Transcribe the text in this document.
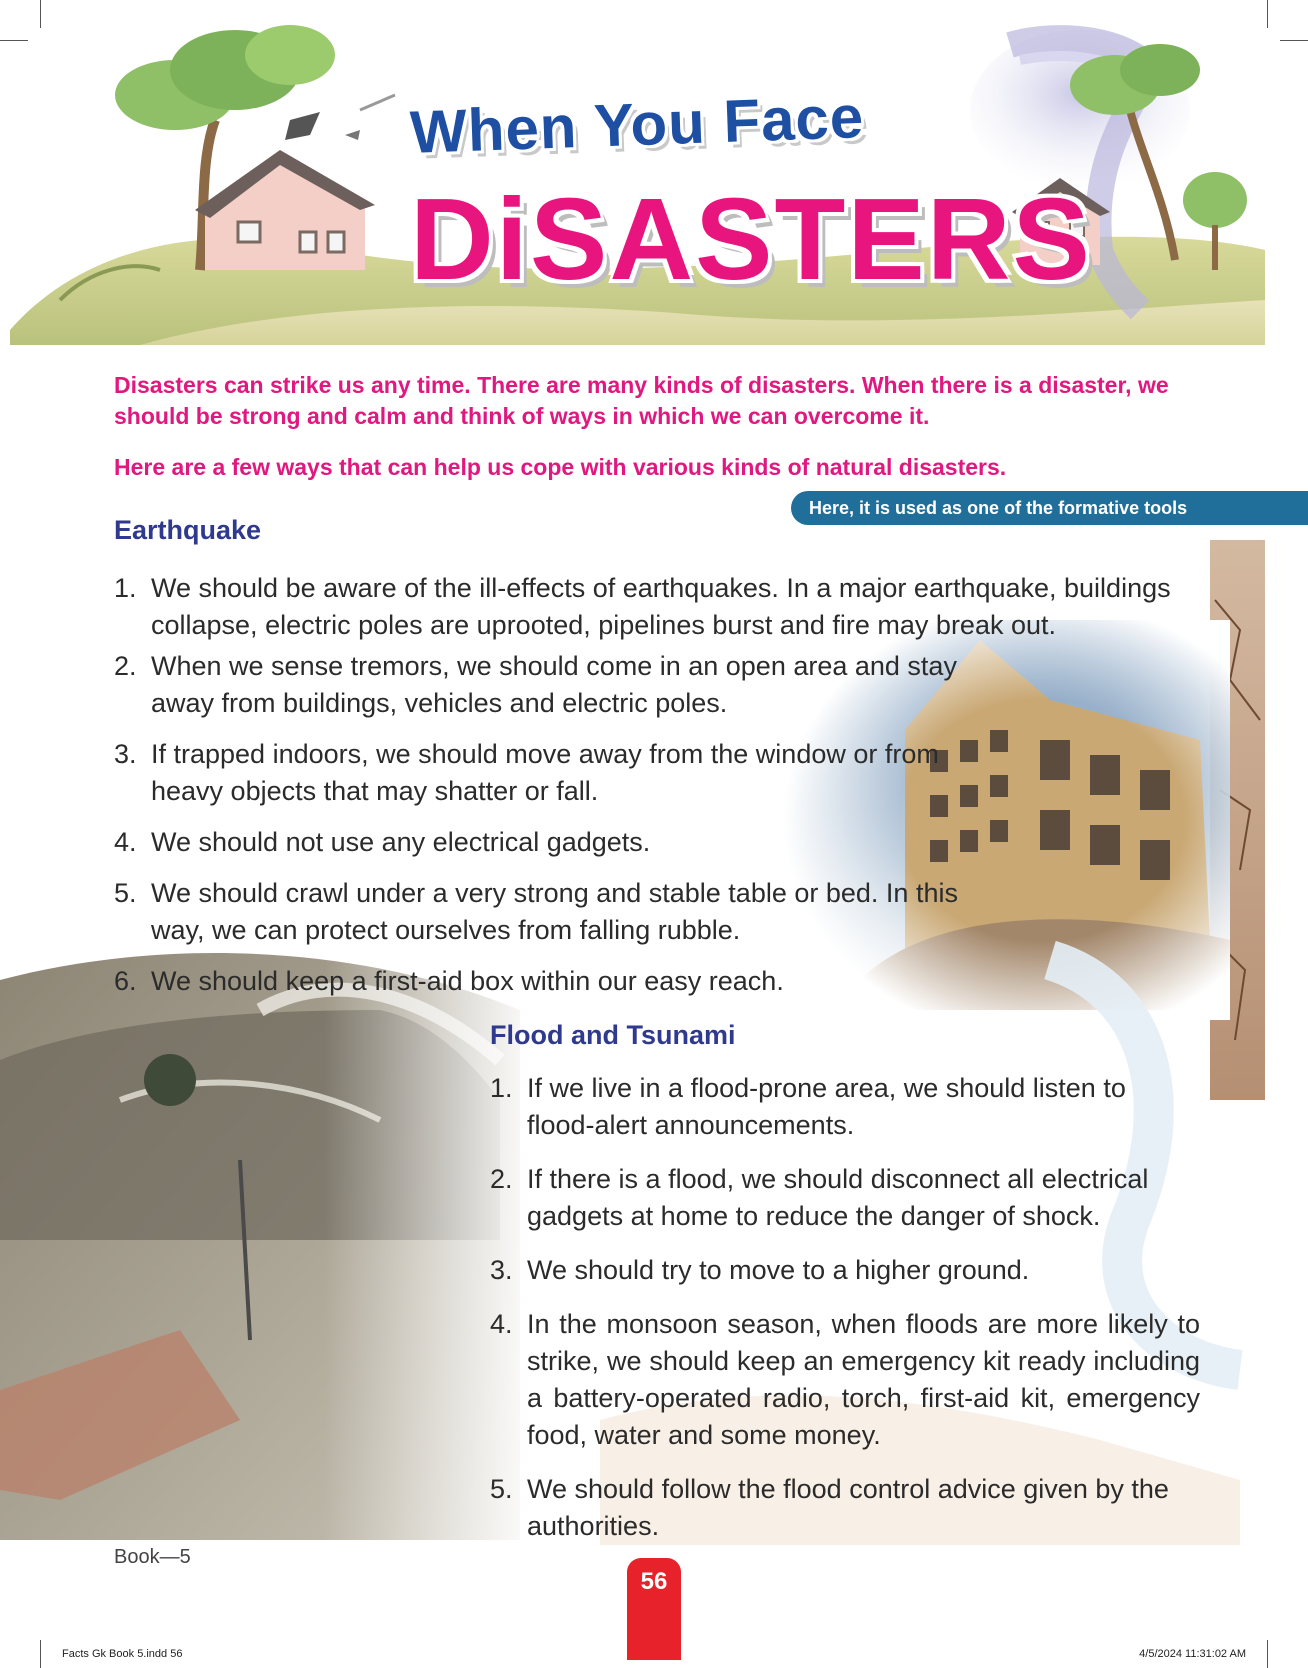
When You Face
DiSASTERS
Disasters can strike us any time. There are many kinds of disasters. When there is a disaster, we should be strong and calm and think of ways in which we can overcome it.
Here are a few ways that can help us cope with various kinds of natural disasters.
Here, it is used as one of the formative tools
Earthquake
1. We should be aware of the ill-effects of earthquakes. In a major earthquake, buildings collapse, electric poles are uprooted, pipelines burst and fire may break out.
2. When we sense tremors, we should come in an open area and stay away from buildings, vehicles and electric poles.
3. If trapped indoors, we should move away from the window or from heavy objects that may shatter or fall.
4. We should not use any electrical gadgets.
5. We should crawl under a very strong and stable table or bed. In this way, we can protect ourselves from falling rubble.
6. We should keep a first-aid box within our easy reach.
Flood and Tsunami
1. If we live in a flood-prone area, we should listen to flood-alert announcements.
2. If there is a flood, we should disconnect all electrical gadgets at home to reduce the danger of shock.
3. We should try to move to a higher ground.
4. In the monsoon season, when floods are more likely to strike, we should keep an emergency kit ready including a battery-operated radio, torch, first-aid kit, emergency food, water and some money.
5. We should follow the flood control advice given by the authorities.
Book—5
56
Facts Gk Book 5.indd 56	4/5/2024 11:31:02 AM
